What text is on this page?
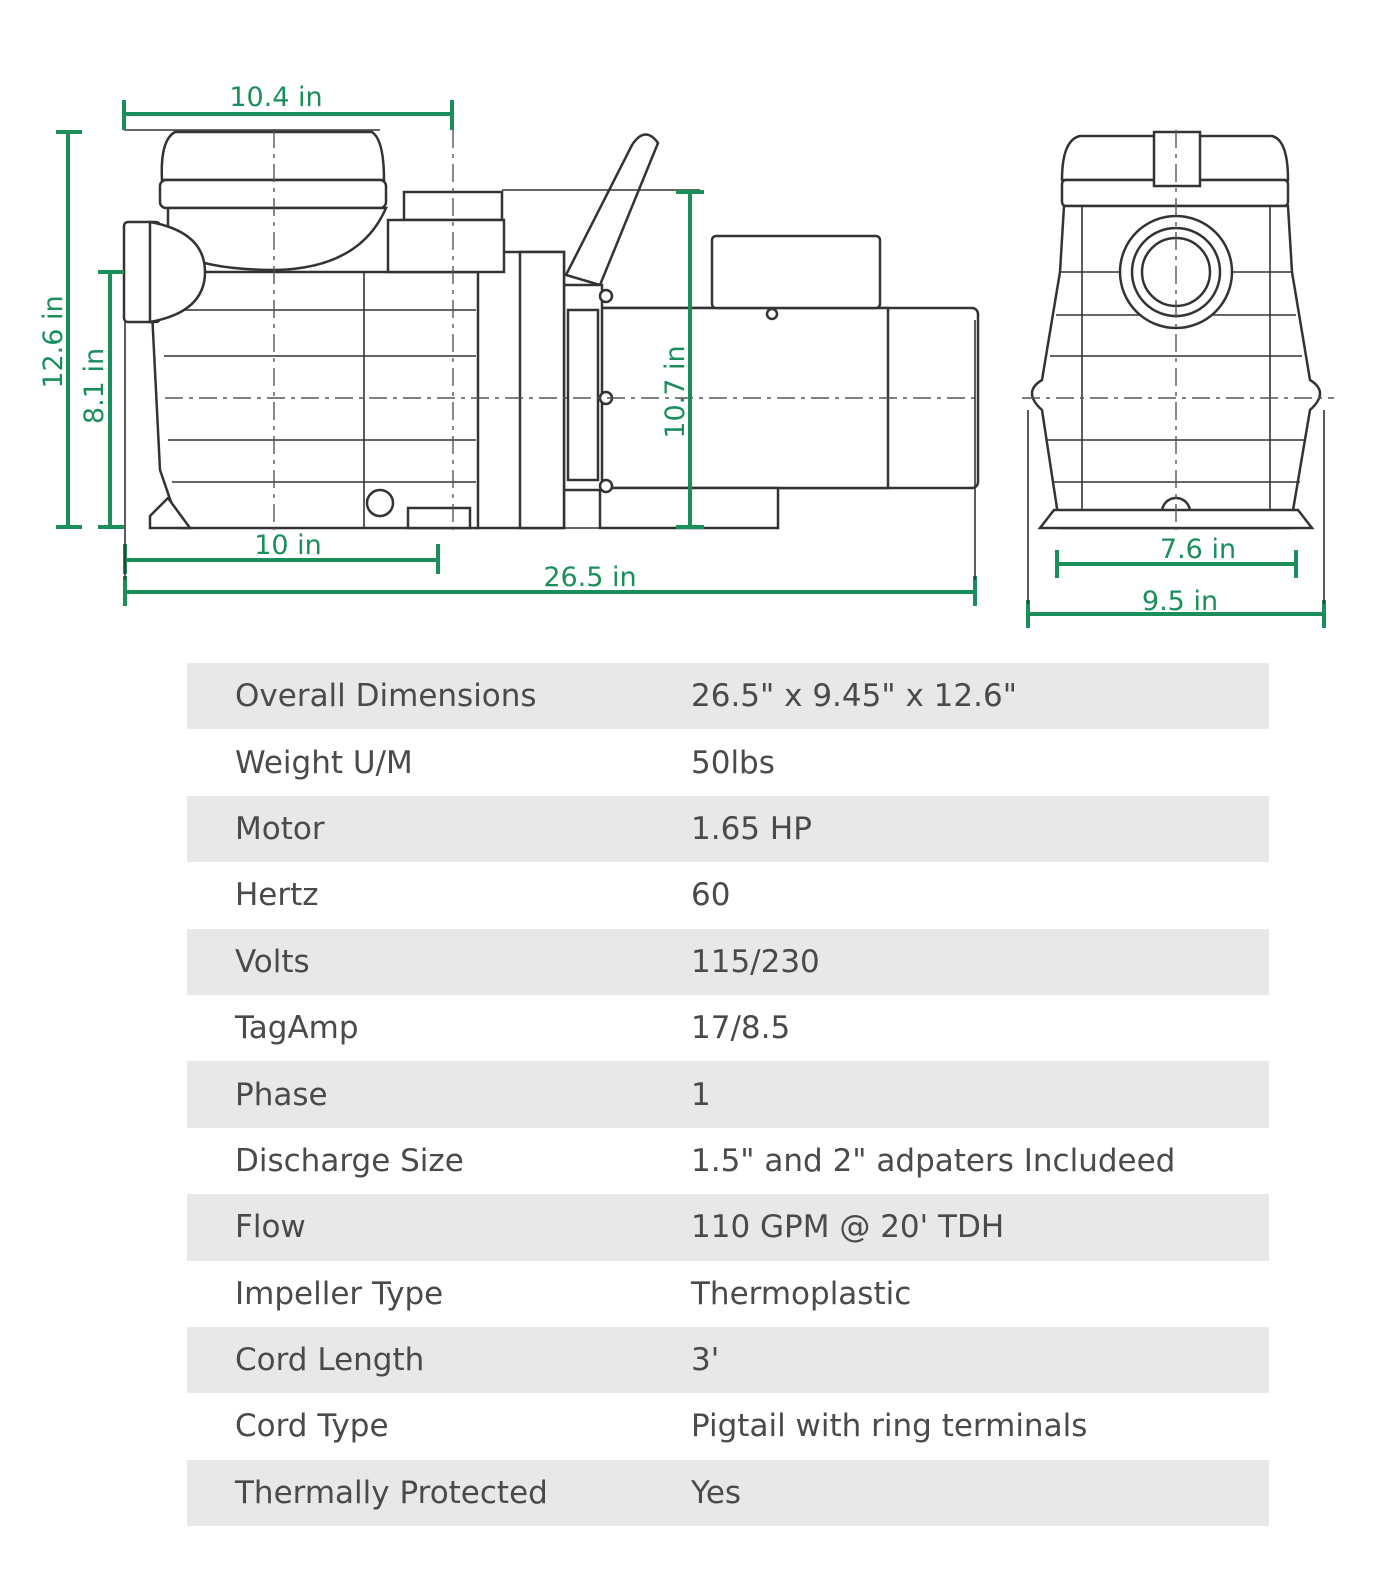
10.4 in
12.6 in 8.1 in	10.7 in
10 in
26.5 in
7.6 in
9.5 in
Overall Dimensions	26.5" x 9.45" x 12.6"
Weight U/M	50lbs
Motor	1.65 HP
Hertz	60
Volts	115/230
TagAmp	17/8.5
Phase	1
Discharge Size	1.5" and 2" adpaters Includeed
Flow	110 GPM @ 20' TDH
Impeller Type	Thermoplastic
Cord Length	3'
Cord Type	Pigtail with ring terminals
Thermally Protected	Yes
